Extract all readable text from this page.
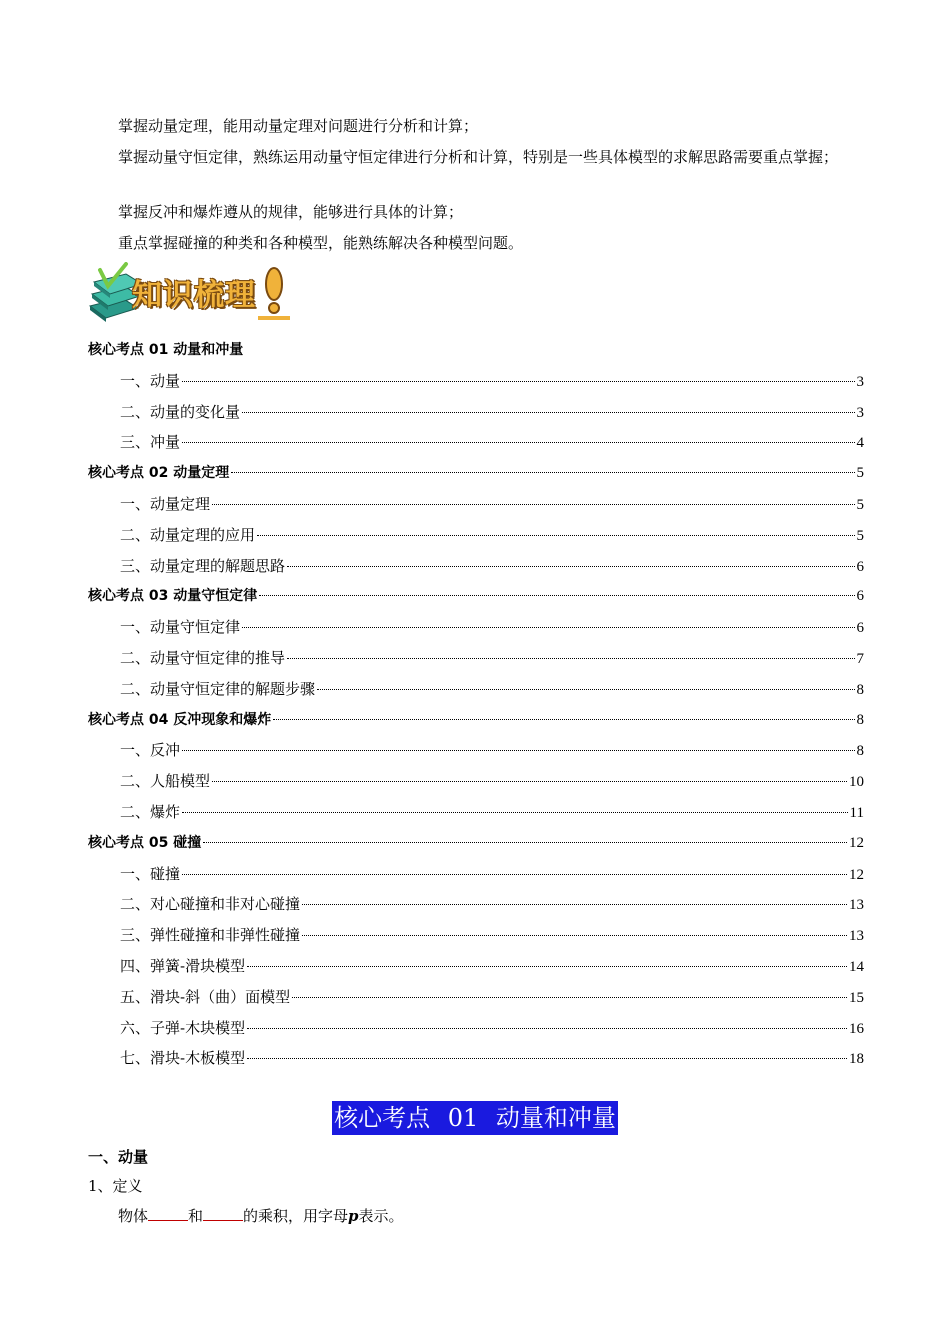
掌握动量定理，能用动量定理对问题进行分析和计算；

掌握动量守恒定律，熟练运用动量守恒定律进行分析和计算，特别是一些具体模型的求解思路需要重点掌握；

掌握反冲和爆炸遵从的规律，能够进行具体的计算；

重点掌握碰撞的种类和各种模型，能熟练解决各种模型问题。

知识梳理
核心考点 01 动量和冲量
一、动量	3
二、动量的变化量	3
三、冲量	4
核心考点 02 动量定理	5
一、动量定理	5
二、动量定理的应用	5
三、动量定理的解题思路	6
核心考点 03 动量守恒定律	6
一、动量守恒定律	6
二、动量守恒定律的推导	7
二、动量守恒定律的解题步骤	8
核心考点 04 反冲现象和爆炸	8
一、反冲	8
二、人船模型	10
二、爆炸	11
核心考点 05 碰撞	12
一、碰撞	12
二、对心碰撞和非对心碰撞	13
三、弹性碰撞和非弹性碰撞	13
四、弹簧-滑块模型	14
五、滑块-斜（曲）面模型	15
六、子弹-木块模型	16
七、滑块-木板模型	18
核心考点 01 动量和冲量
一、动量
1、定义
物体	和	的乘积，用字母p表示。
